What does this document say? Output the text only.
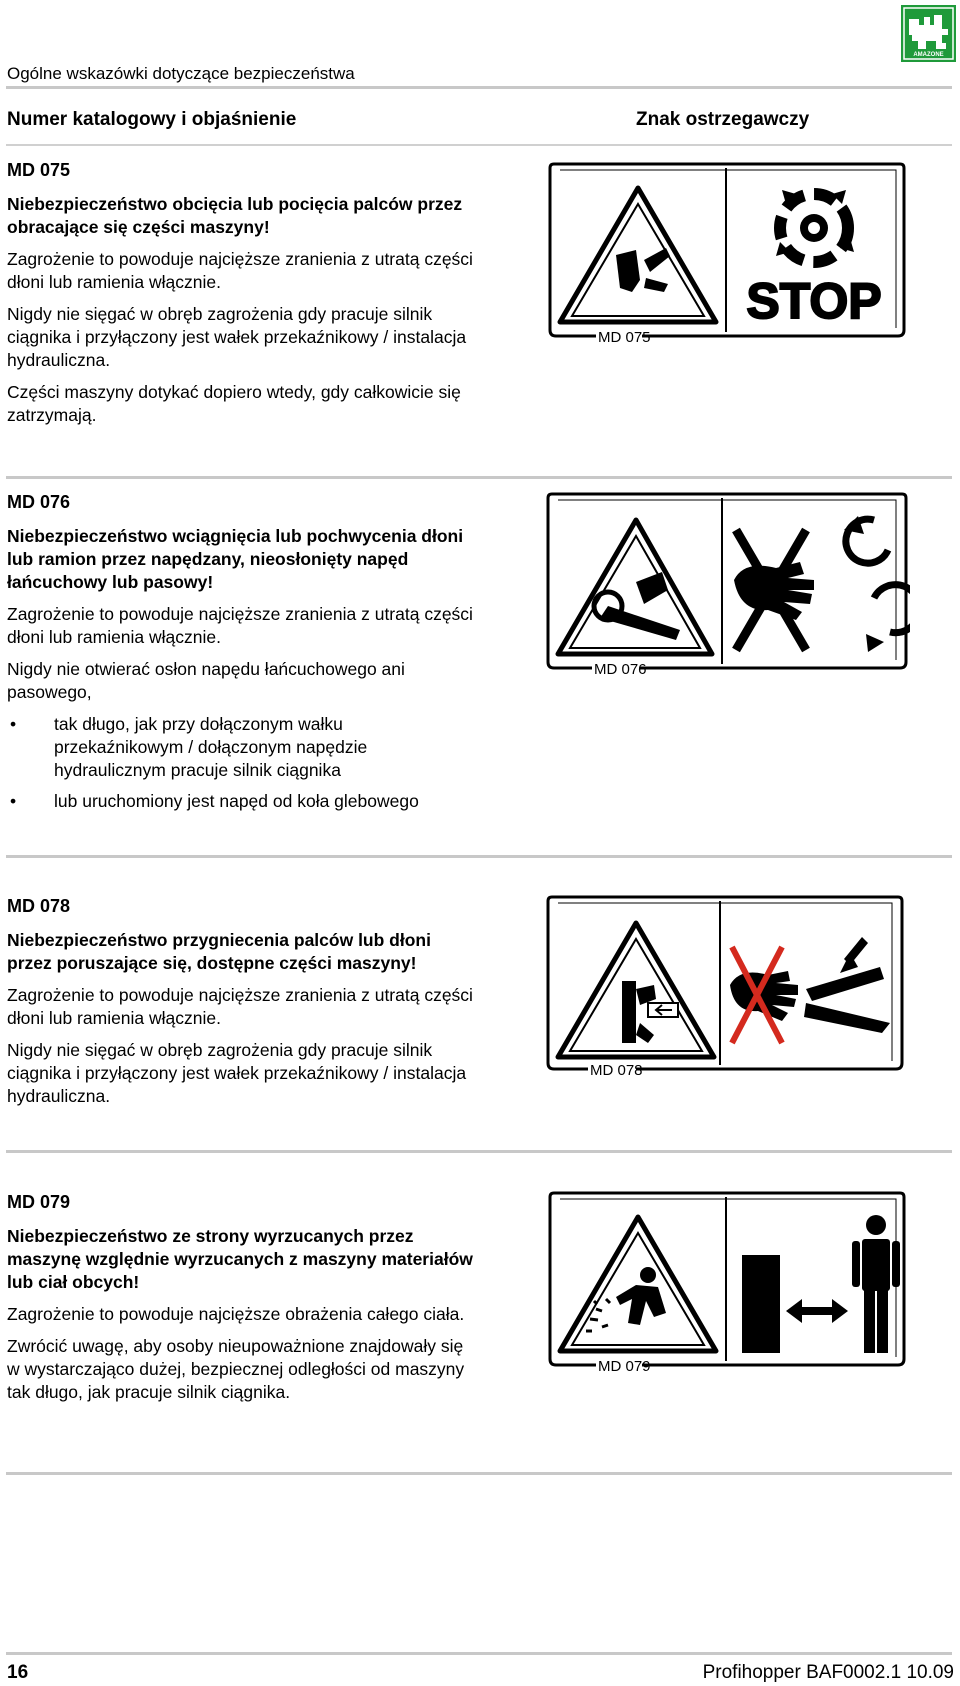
AMAZONE
Ogólne wskazówki dotyczące bezpieczeństwa
Numer katalogowy i objaśnienie	Znak ostrzegawczy
MD 075
Niebezpieczeństwo obcięcia lub pocięcia palców przez obracające się części maszyny!
Zagrożenie to powoduje najcięższe zranienia z utratą części dłoni lub ramienia włącznie.
Nigdy nie sięgać w obręb zagrożenia gdy pracuje silnik ciągnika i przyłączony jest wałek przekaźnikowy / instalacja hydrauliczna.
Części maszyny dotykać dopiero wtedy, gdy całkowicie się zatrzymają.
STOP
MD 075
MD 076
Niebezpieczeństwo wciągnięcia lub pochwycenia dłoni lub ramion przez napędzany, nieosłonięty napęd łańcuchowy lub pasowy!
Zagrożenie to powoduje najcięższe zranienia z utratą części dłoni lub ramienia włącznie.
Nigdy nie otwierać osłon napędu łańcuchowego ani pasowego,
• tak długo, jak przy dołączonym wałku przekaźnikowym / dołączonym napędzie hydraulicznym pracuje silnik ciągnika
• lub uruchomiony jest napęd od koła glebowego
MD 076
MD 078
Niebezpieczeństwo przygniecenia palców lub dłoni przez poruszające się, dostępne części maszyny!
Zagrożenie to powoduje najcięższe zranienia z utratą części dłoni lub ramienia włącznie.
Nigdy nie sięgać w obręb zagrożenia gdy pracuje silnik ciągnika i przyłączony jest wałek przekaźnikowy / instalacja hydrauliczna.
MD 078
MD 079
Niebezpieczeństwo ze strony wyrzucanych przez maszynę względnie wyrzucanych z maszyny materiałów lub ciał obcych!
Zagrożenie to powoduje najcięższe obrażenia całego ciała.
Zwrócić uwagę, aby osoby nieupoważnione znajdowały się w wystarczająco dużej, bezpiecznej odległości od maszyny tak długo, jak pracuje silnik ciągnika.
MD 079
16	Profihopper BAF0002.1 10.09
